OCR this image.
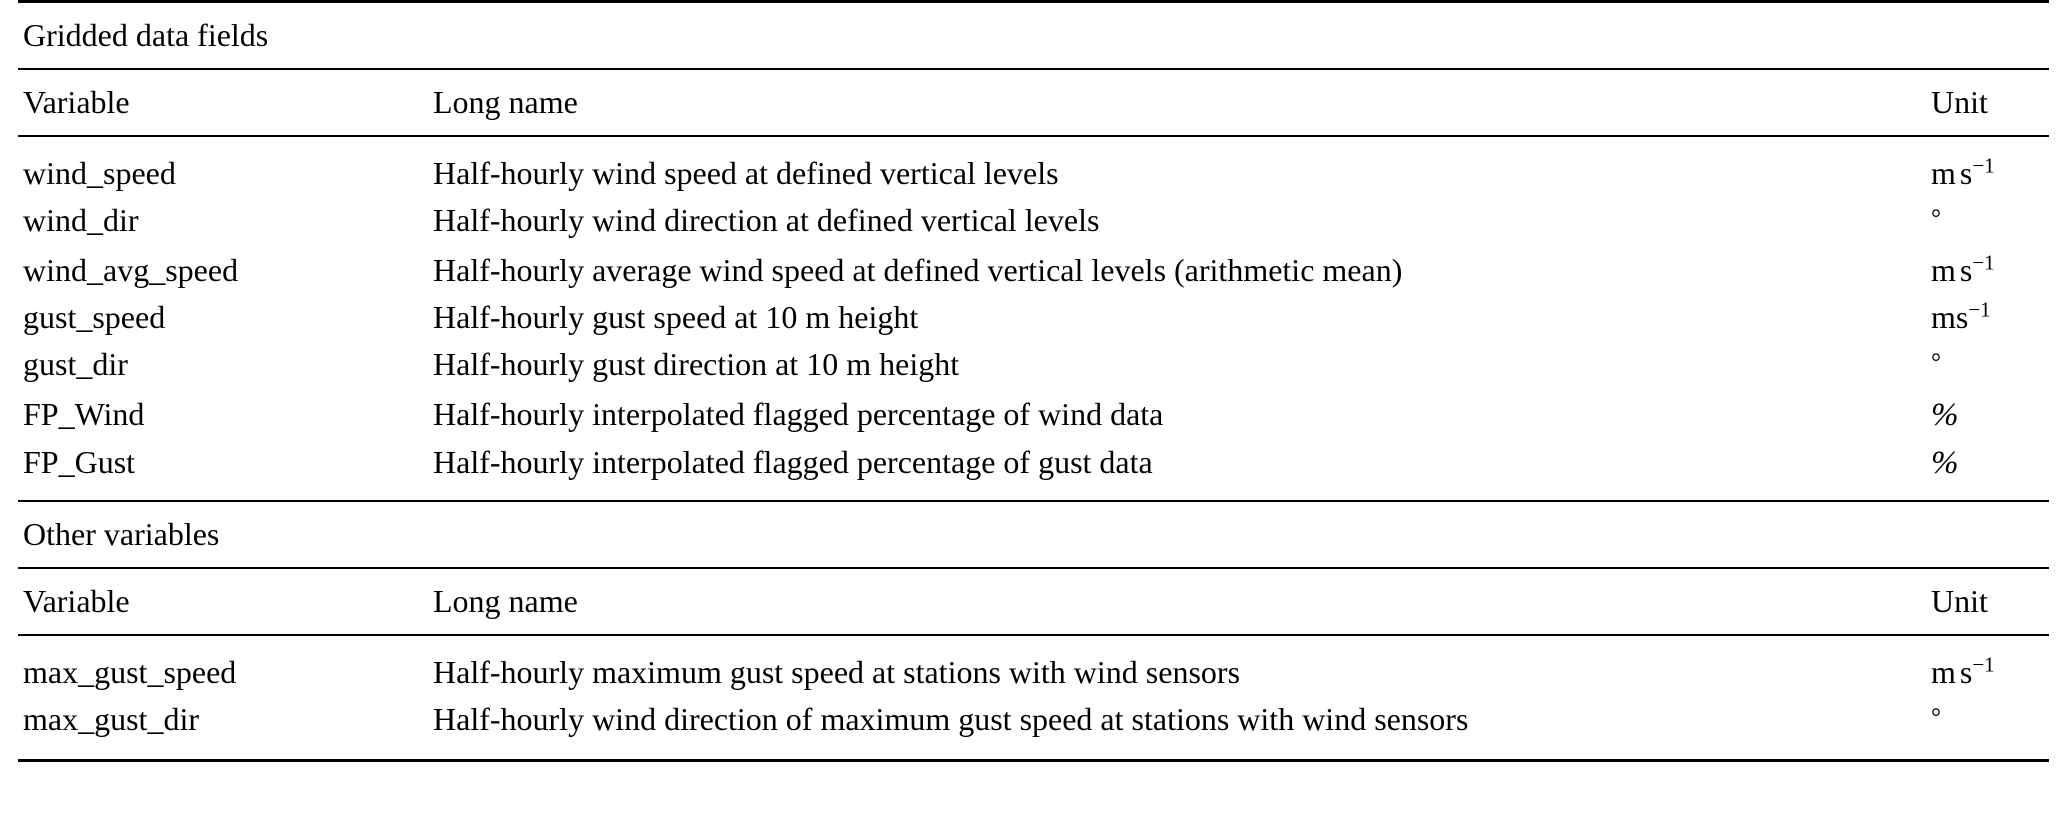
Gridded data fields
Variable	Long name	Unit
wind_speed	Half-hourly wind speed at defined vertical levels	m $s^{-1}$
wind_dir	Half-hourly wind direction at defined vertical levels	°
wind_avg_speed	Half-hourly average wind speed at defined vertical levels (arithmetic mean)	m $s^{-1}$
gust_speed	Half-hourly gust speed at 10 m height	$ms^{-1}$
gust_dir	Half-hourly gust direction at 10 m height	°
FP_Wind	Half-hourly interpolated flagged percentage of wind data	%
FP_Gust	Half-hourly interpolated flagged percentage of gust data	%
Other variables
Variable	Long name	Unit
max_gust_speed	Half-hourly maximum gust speed at stations with wind sensors	m $s^{-1}$
max_gust_dir	Half-hourly wind direction of maximum gust speed at stations with wind sensors	°
